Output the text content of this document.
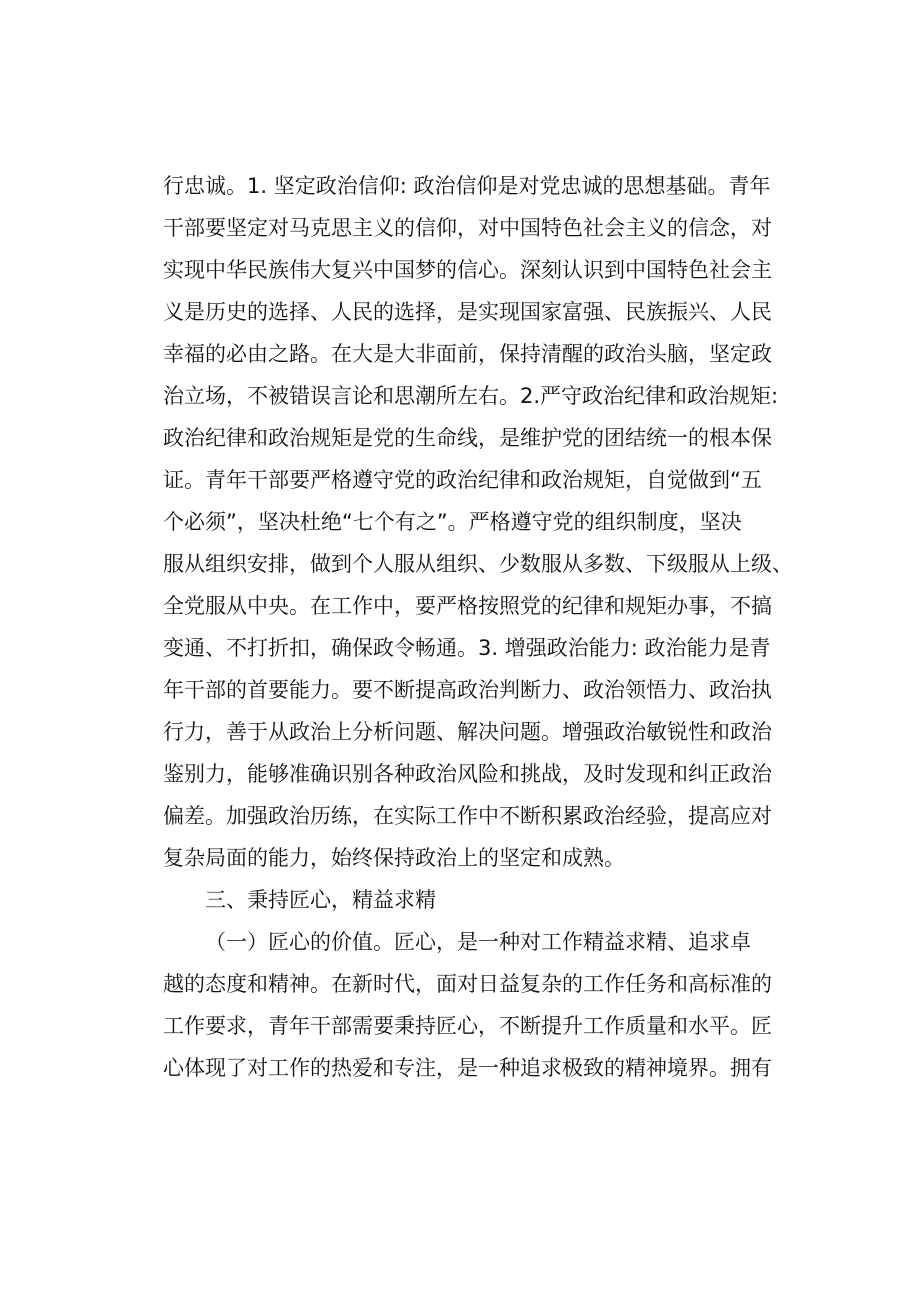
行忠诚。1. 坚定政治信仰: 政治信仰是对党忠诚的思想基础。青年
干部要坚定对马克思主义的信仰，对中国特色社会主义的信念，对
实现中华民族伟大复兴中国梦的信心。深刻认识到中国特色社会主
义是历史的选择、人民的选择，是实现国家富强、民族振兴、人民
幸福的必由之路。在大是大非面前，保持清醒的政治头脑，坚定政
治立场，不被错误言论和思潮所左右。2.严守政治纪律和政治规矩:
政治纪律和政治规矩是党的生命线，是维护党的团结统一的根本保
证。青年干部要严格遵守党的政治纪律和政治规矩，自觉做到“五
个必须”，坚决杜绝“七个有之”。严格遵守党的组织制度，坚决
服从组织安排，做到个人服从组织、少数服从多数、下级服从上级、
全党服从中央。在工作中，要严格按照党的纪律和规矩办事，不搞
变通、不打折扣，确保政令畅通。3. 增强政治能力: 政治能力是青
年干部的首要能力。要不断提高政治判断力、政治领悟力、政治执
行力，善于从政治上分析问题、解决问题。增强政治敏锐性和政治
鉴别力，能够准确识别各种政治风险和挑战，及时发现和纠正政治
偏差。加强政治历练，在实际工作中不断积累政治经验，提高应对
复杂局面的能力，始终保持政治上的坚定和成熟。
三、秉持匠心，精益求精
（一）匠心的价值。匠心，是一种对工作精益求精、追求卓
越的态度和精神。在新时代，面对日益复杂的工作任务和高标准的
工作要求，青年干部需要秉持匠心，不断提升工作质量和水平。匠
心体现了对工作的热爱和专注，是一种追求极致的精神境界。拥有
